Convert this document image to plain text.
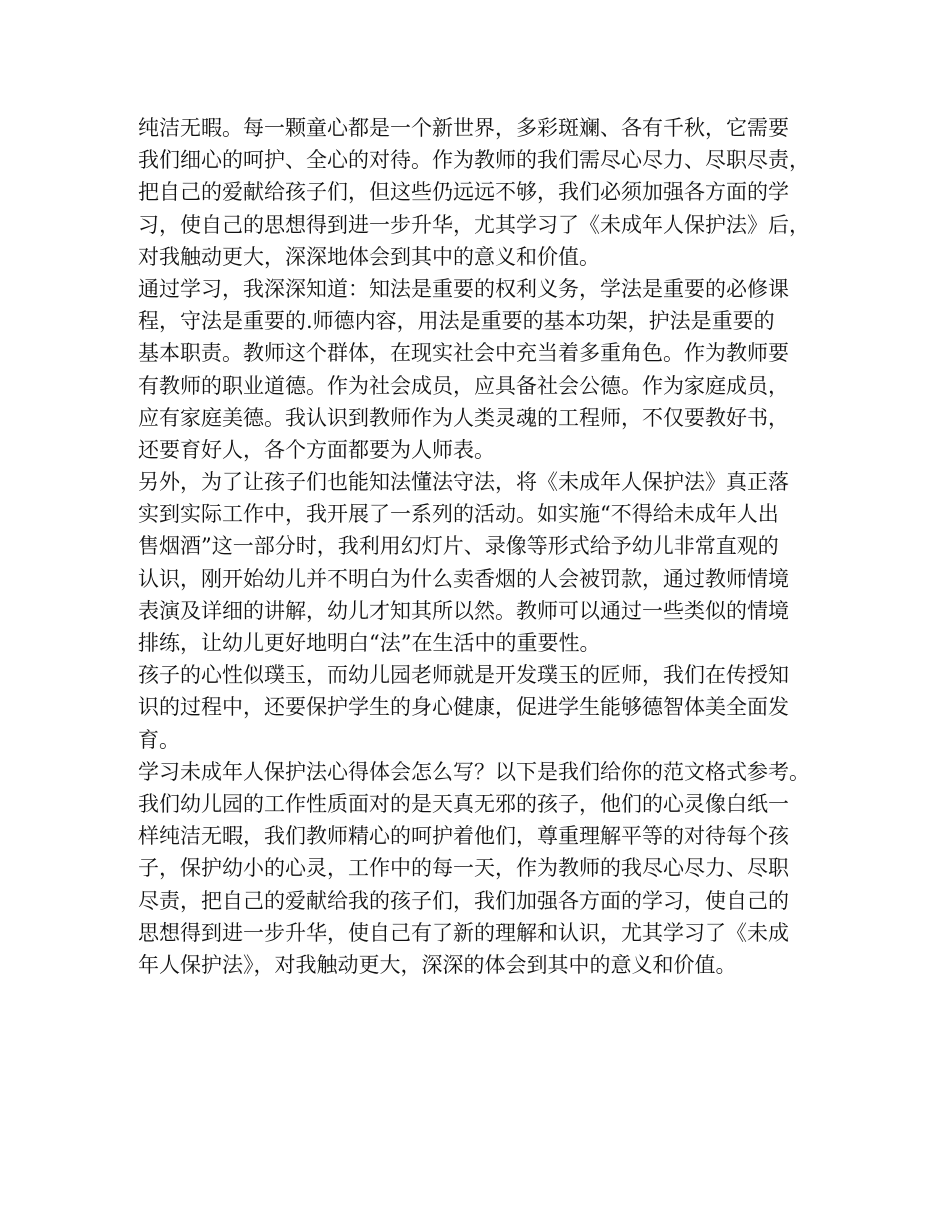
纯洁无暇。每一颗童心都是一个新世界，多彩斑斓、各有千秋，它需要
我们细心的呵护、全心的对待。作为教师的我们需尽心尽力、尽职尽责，
把自己的爱献给孩子们，但这些仍远远不够，我们必须加强各方面的学
习，使自己的思想得到进一步升华，尤其学习了《未成年人保护法》后，
对我触动更大，深深地体会到其中的意义和价值。

通过学习，我深深知道：知法是重要的权利义务，学法是重要的必修课
程，守法是重要的.师德内容，用法是重要的基本功架，护法是重要的
基本职责。教师这个群体，在现实社会中充当着多重角色。作为教师要
有教师的职业道德。作为社会成员，应具备社会公德。作为家庭成员，
应有家庭美德。我认识到教师作为人类灵魂的工程师，不仅要教好书，
还要育好人，各个方面都要为人师表。

另外，为了让孩子们也能知法懂法守法，将《未成年人保护法》真正落
实到实际工作中，我开展了一系列的活动。如实施“不得给未成年人出
售烟酒”这一部分时，我利用幻灯片、录像等形式给予幼儿非常直观的
认识，刚开始幼儿并不明白为什么卖香烟的人会被罚款，通过教师情境
表演及详细的讲解，幼儿才知其所以然。教师可以通过一些类似的情境
排练，让幼儿更好地明白“法”在生活中的重要性。

孩子的心性似璞玉，而幼儿园老师就是开发璞玉的匠师，我们在传授知
识的过程中，还要保护学生的身心健康，促进学生能够德智体美全面发
育。

学习未成年人保护法心得体会怎么写？以下是我们给你的范文格式参考。

我们幼儿园的工作性质面对的是天真无邪的孩子，他们的心灵像白纸一
样纯洁无暇，我们教师精心的呵护着他们，尊重理解平等的对待每个孩
子，保护幼小的心灵，工作中的每一天，作为教师的我尽心尽力、尽职
尽责，把自己的爱献给我的孩子们，我们加强各方面的学习，使自己的
思想得到进一步升华，使自己有了新的理解和认识，尤其学习了《未成
年人保护法》，对我触动更大，深深的体会到其中的意义和价值。
